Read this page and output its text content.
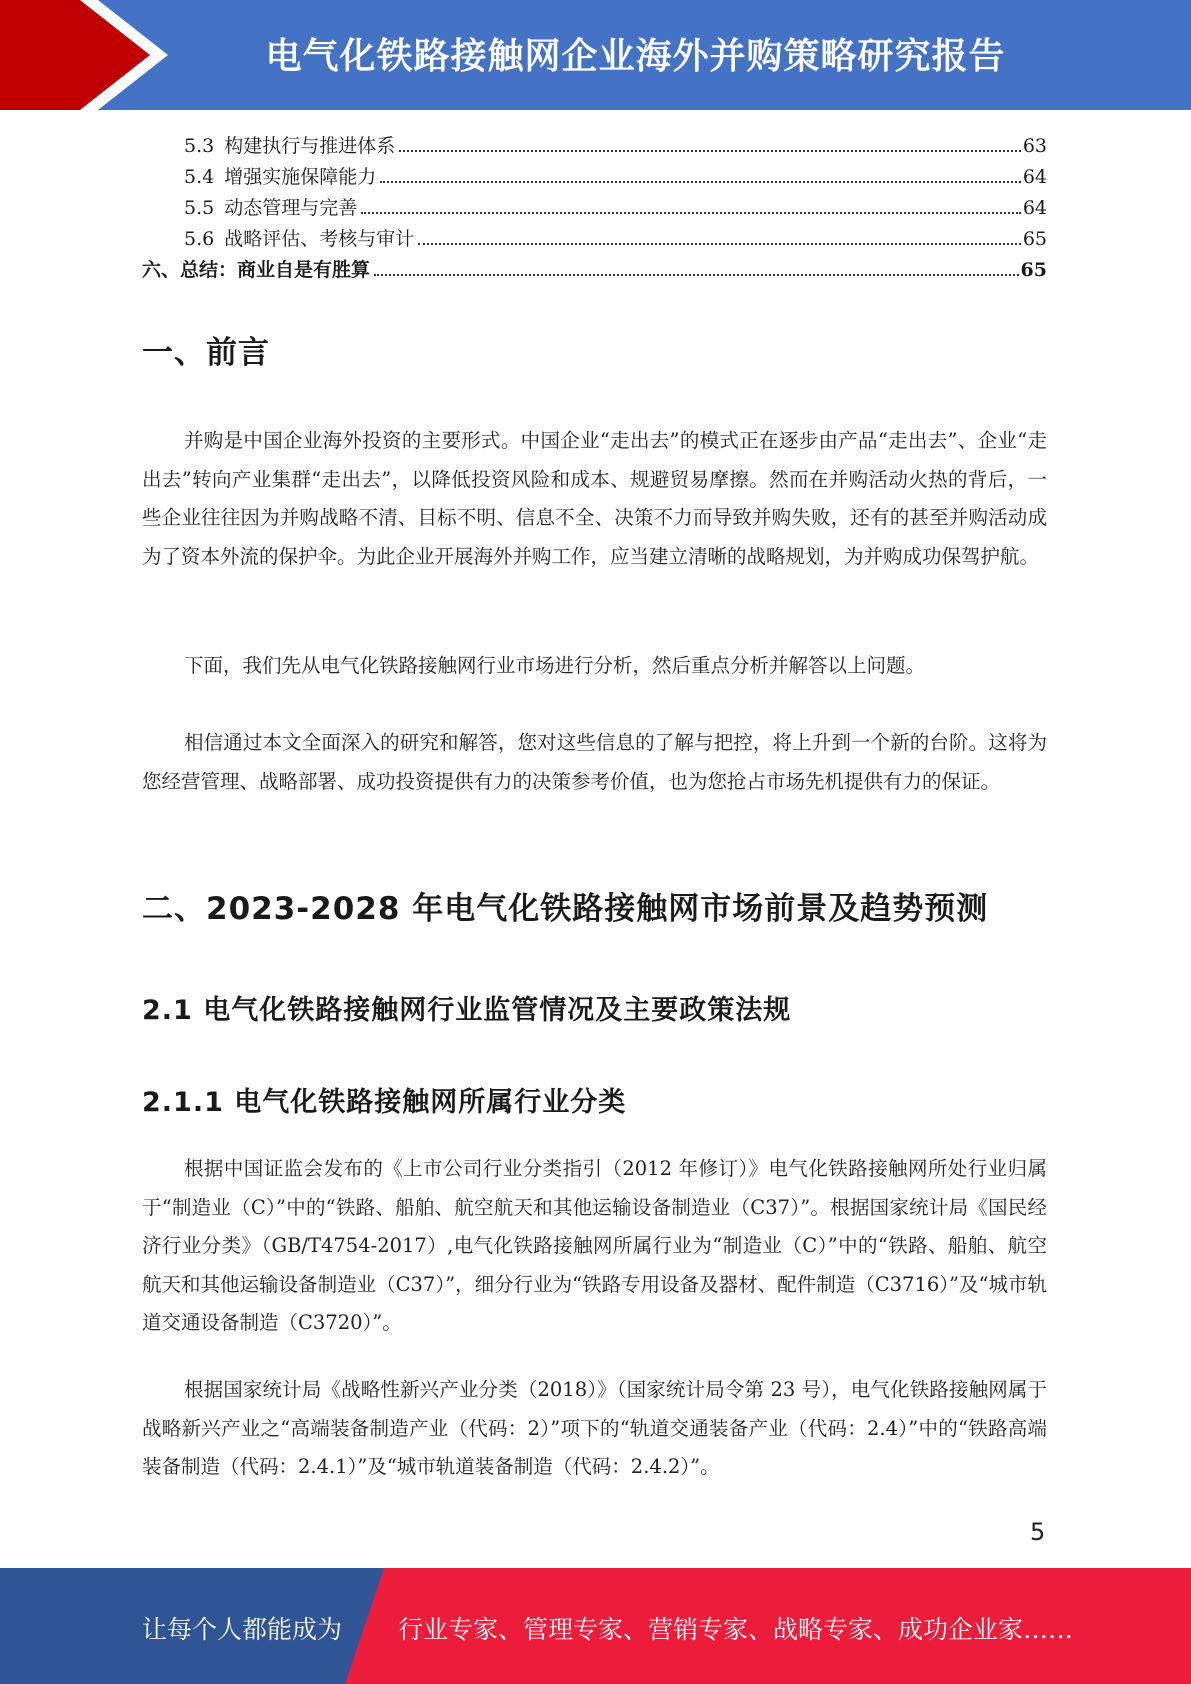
电气化铁路接触网企业海外并购策略研究报告
5.3 构建执行与推进体系	63
5.4 增强实施保障能力	64
5.5 动态管理与完善	64
5.6 战略评估、考核与审计	65
六、总结：商业自是有胜算	65
一、前言

并购是中国企业海外投资的主要形式。中国企业“走出去”的模式正在逐步由产品“走出去”、企业“走出去”转向产业集群“走出去”，以降低投资风险和成本、规避贸易摩擦。然而在并购活动火热的背后，一些企业往往因为并购战略不清、目标不明、信息不全、决策不力而导致并购失败，还有的甚至并购活动成为了资本外流的保护伞。为此企业开展海外并购工作，应当建立清晰的战略规划，为并购成功保驾护航。

下面，我们先从电气化铁路接触网行业市场进行分析，然后重点分析并解答以上问题。

相信通过本文全面深入的研究和解答，您对这些信息的了解与把控，将上升到一个新的台阶。这将为您经营管理、战略部署、成功投资提供有力的决策参考价值，也为您抢占市场先机提供有力的保证。

二、2023-2028 年电气化铁路接触网市场前景及趋势预测
2.1 电气化铁路接触网行业监管情况及主要政策法规
2.1.1 电气化铁路接触网所属行业分类

根据中国证监会发布的《上市公司行业分类指引（2012 年修订）》电气化铁路接触网所处行业归属于“制造业（C）”中的“铁路、船舶、航空航天和其他运输设备制造业（C37）”。根据国家统计局《国民经济行业分类》（GB/T4754-2017）,电气化铁路接触网所属行业为“制造业（C）”中的“铁路、船舶、航空航天和其他运输设备制造业（C37）”，细分行业为“铁路专用设备及器材、配件制造（C3716）”及“城市轨道交通设备制造（C3720）”。

根据国家统计局《战略性新兴产业分类（2018）》（国家统计局令第 23 号），电气化铁路接触网属于战略新兴产业之“高端装备制造产业（代码：2）”项下的“轨道交通装备产业（代码：2.4）”中的“铁路高端装备制造（代码：2.4.1）”及“城市轨道装备制造（代码：2.4.2）”。

5
让每个人都能成为 行业专家、管理专家、营销专家、战略专家、成功企业家……
